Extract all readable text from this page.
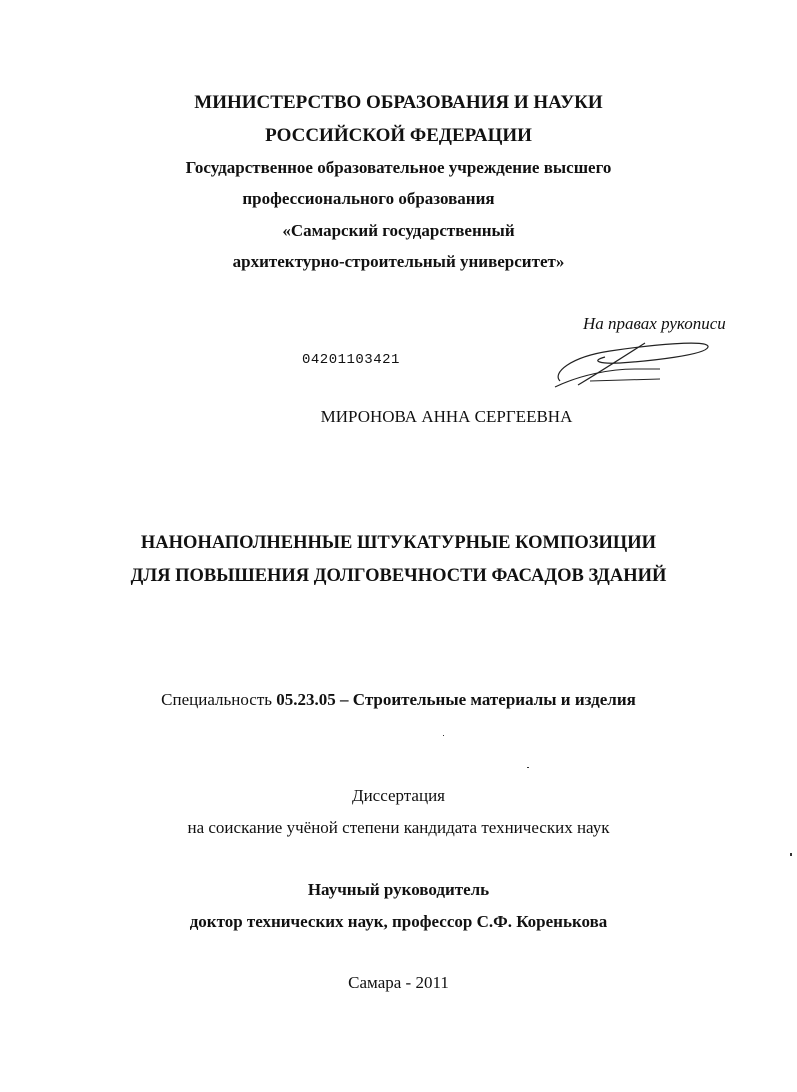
МИНИСТЕРСТВО ОБРАЗОВАНИЯ И НАУКИ
РОССИЙСКОЙ ФЕДЕРАЦИИ
Государственное образовательное учреждение высшего
профессионального образования
«Самарский государственный
архитектурно-строительный университет»
На правах рукописи
04201103421
МИРОНОВА АННА СЕРГЕЕВНА
НАНОНАПОЛНЕННЫЕ ШТУКАТУРНЫЕ КОМПОЗИЦИИ
ДЛЯ ПОВЫШЕНИЯ ДОЛГОВЕЧНОСТИ ФАСАДОВ ЗДАНИЙ
Специальность 05.23.05 – Строительные материалы и изделия
Диссертация
на соискание учёной степени кандидата технических наук
Научный руководитель
доктор технических наук, профессор С.Ф. Коренькова
Самара - 2011
